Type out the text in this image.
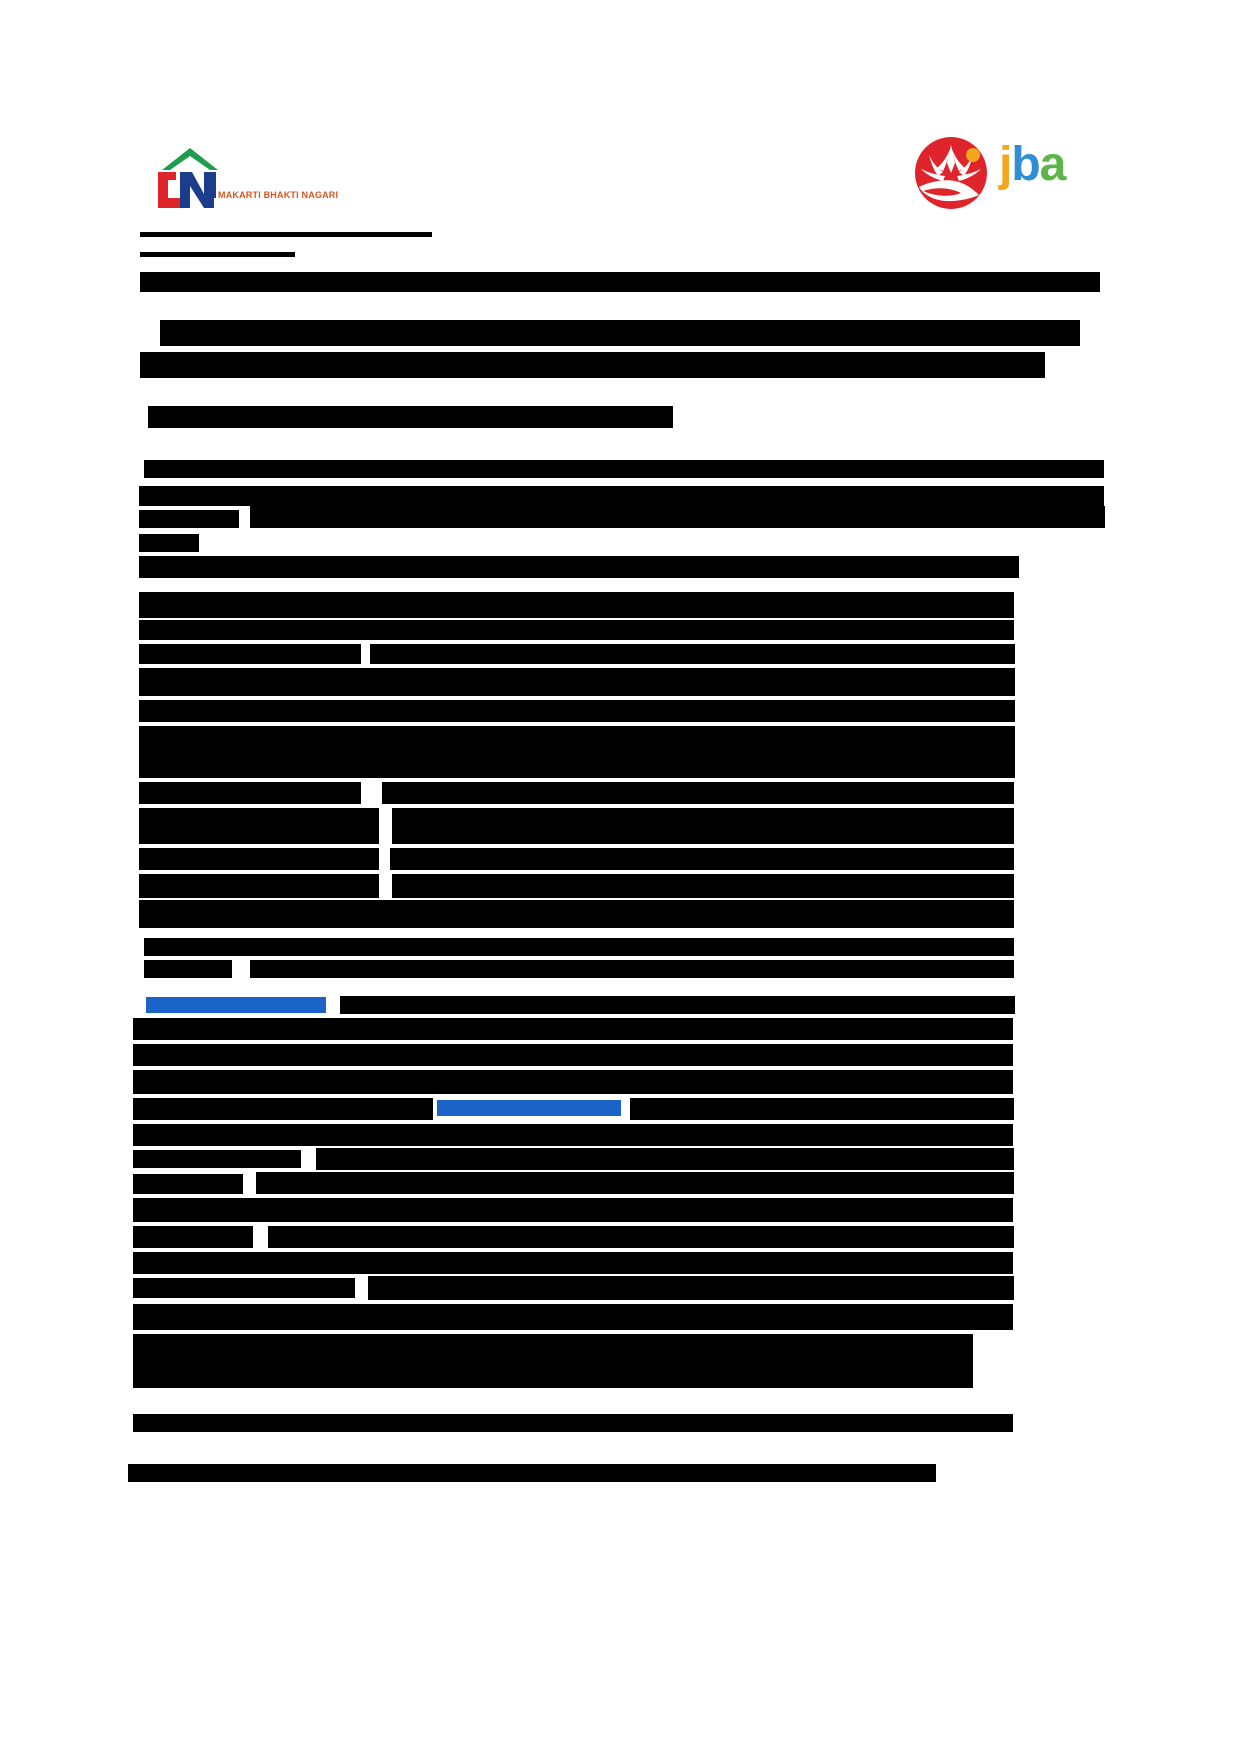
MAKARTI BHAKTI NAGARI
jba
